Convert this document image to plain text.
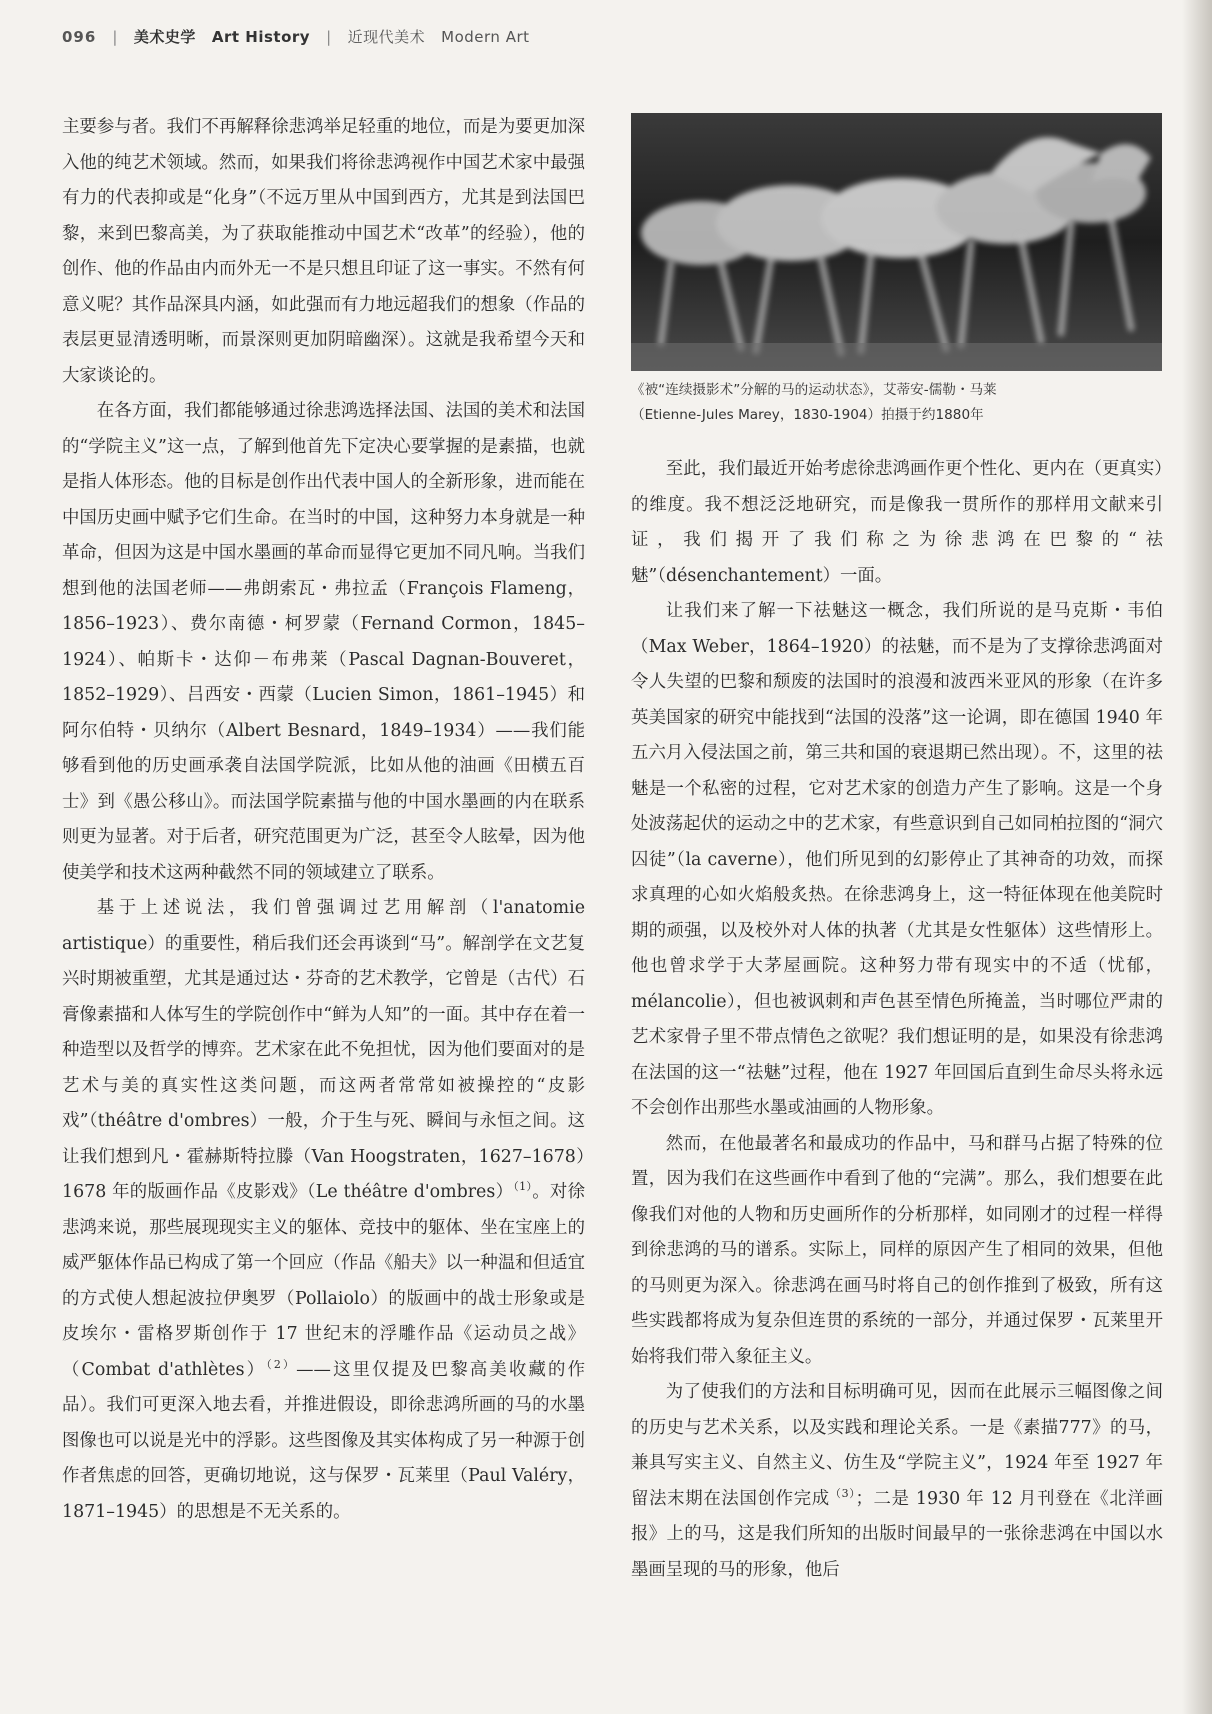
096 | 美术史学 Art History | 近现代美术 Modern Art

主要参与者。我们不再解释徐悲鸿举足轻重的地位，而是为要更加深入他的纯艺术领域。然而，如果我们将徐悲鸿视作中国艺术家中最强有力的代表抑或是“化身”（不远万里从中国到西方，尤其是到法国巴黎，来到巴黎高美，为了获取能推动中国艺术“改革”的经验），他的创作、他的作品由内而外无一不是只想且印证了这一事实。不然有何意义呢？其作品深具内涵，如此强而有力地远超我们的想象（作品的表层更显清透明晰，而景深则更加阴暗幽深）。这就是我希望今天和大家谈论的。

在各方面，我们都能够通过徐悲鸿选择法国、法国的美术和法国的“学院主义”这一点，了解到他首先下定决心要掌握的是素描，也就是指人体形态。他的目标是创作出代表中国人的全新形象，进而能在中国历史画中赋予它们生命。在当时的中国，这种努力本身就是一种革命，但因为这是中国水墨画的革命而显得它更加不同凡响。当我们想到他的法国老师——弗朗索瓦・弗拉孟（François Flameng，1856–1923）、费尔南德・柯罗蒙（Fernand Cormon，1845–1924）、帕斯卡・达仰－布弗莱（Pascal Dagnan-Bouveret，1852–1929）、吕西安・西蒙（Lucien Simon，1861–1945）和阿尔伯特・贝纳尔（Albert Besnard，1849–1934）——我们能够看到他的历史画承袭自法国学院派，比如从他的油画《田横五百士》到《愚公移山》。而法国学院素描与他的中国水墨画的内在联系则更为显著。对于后者，研究范围更为广泛，甚至令人眩晕，因为他使美学和技术这两种截然不同的领域建立了联系。

基于上述说法，我们曾强调过艺用解剖（l'anatomie artistique）的重要性，稍后我们还会再谈到“马”。解剖学在文艺复兴时期被重塑，尤其是通过达・芬奇的艺术教学，它曾是（古代）石膏像素描和人体写生的学院创作中“鲜为人知”的一面。其中存在着一种造型以及哲学的博弈。艺术家在此不免担忧，因为他们要面对的是艺术与美的真实性这类问题，而这两者常常如被操控的“皮影戏”（théâtre d'ombres）一般，介于生与死、瞬间与永恒之间。这让我们想到凡・霍赫斯特拉滕（Van Hoogstraten，1627–1678）1678 年的版画作品《皮影戏》（Le théâtre d'ombres）$^{(1)}$。对徐悲鸿来说，那些展现现实主义的躯体、竞技中的躯体、坐在宝座上的威严躯体作品已构成了第一个回应（作品《船夫》以一种温和但适宜的方式使人想起波拉伊奥罗（Pollaiolo）的版画中的战士形象或是皮埃尔・雷格罗斯创作于 17 世纪末的浮雕作品《运动员之战》（Combat d'athlètes）$^{(2)}$——这里仅提及巴黎高美收藏的作品）。我们可更深入地去看，并推进假设，即徐悲鸿所画的马的水墨图像也可以说是光中的浮影。这些图像及其实体构成了另一种源于创作者焦虑的回答，更确切地说，这与保罗・瓦莱里（Paul Valéry，1871–1945）的思想是不无关系的。

《被“连续摄影术”分解的马的运动状态》，艾蒂安-儒勒・马莱

（Etienne-Jules Marey，1830-1904）拍摄于约1880年

至此，我们最近开始考虑徐悲鸿画作更个性化、更内在（更真实）的维度。我不想泛泛地研究，而是像我一贯所作的那样用文献来引证，我们揭开了我们称之为徐悲鸿在巴黎的“祛魅”（désenchantement）一面。

让我们来了解一下祛魅这一概念，我们所说的是马克斯・韦伯（Max Weber，1864–1920）的祛魅，而不是为了支撑徐悲鸿面对令人失望的巴黎和颓废的法国时的浪漫和波西米亚风的形象（在许多英美国家的研究中能找到“法国的没落”这一论调，即在德国 1940 年五六月入侵法国之前，第三共和国的衰退期已然出现）。不，这里的祛魅是一个私密的过程，它对艺术家的创造力产生了影响。这是一个身处波荡起伏的运动之中的艺术家，有些意识到自己如同柏拉图的“洞穴囚徒”（la caverne），他们所见到的幻影停止了其神奇的功效，而探求真理的心如火焰般炙热。在徐悲鸿身上，这一特征体现在他美院时期的顽强，以及校外对人体的执著（尤其是女性躯体）这些情形上。他也曾求学于大茅屋画院。这种努力带有现实中的不适（忧郁，mélancolie），但也被讽刺和声色甚至情色所掩盖，当时哪位严肃的艺术家骨子里不带点情色之欲呢？我们想证明的是，如果没有徐悲鸿在法国的这一“祛魅”过程，他在 1927 年回国后直到生命尽头将永远不会创作出那些水墨或油画的人物形象。

然而，在他最著名和最成功的作品中，马和群马占据了特殊的位置，因为我们在这些画作中看到了他的“完满”。那么，我们想要在此像我们对他的人物和历史画所作的分析那样，如同刚才的过程一样得到徐悲鸿的马的谱系。实际上，同样的原因产生了相同的效果，但他的马则更为深入。徐悲鸿在画马时将自己的创作推到了极致，所有这些实践都将成为复杂但连贯的系统的一部分，并通过保罗・瓦莱里开始将我们带入象征主义。

为了使我们的方法和目标明确可见，因而在此展示三幅图像之间的历史与艺术关系，以及实践和理论关系。一是《素描777》的马，兼具写实主义、自然主义、仿生及“学院主义”，1924 年至 1927 年留法末期在法国创作完成$^{(3)}$；二是 1930 年 12 月刊登在《北洋画报》上的马，这是我们所知的出版时间最早的一张徐悲鸿在中国以水墨画呈现的马的形象，他后
